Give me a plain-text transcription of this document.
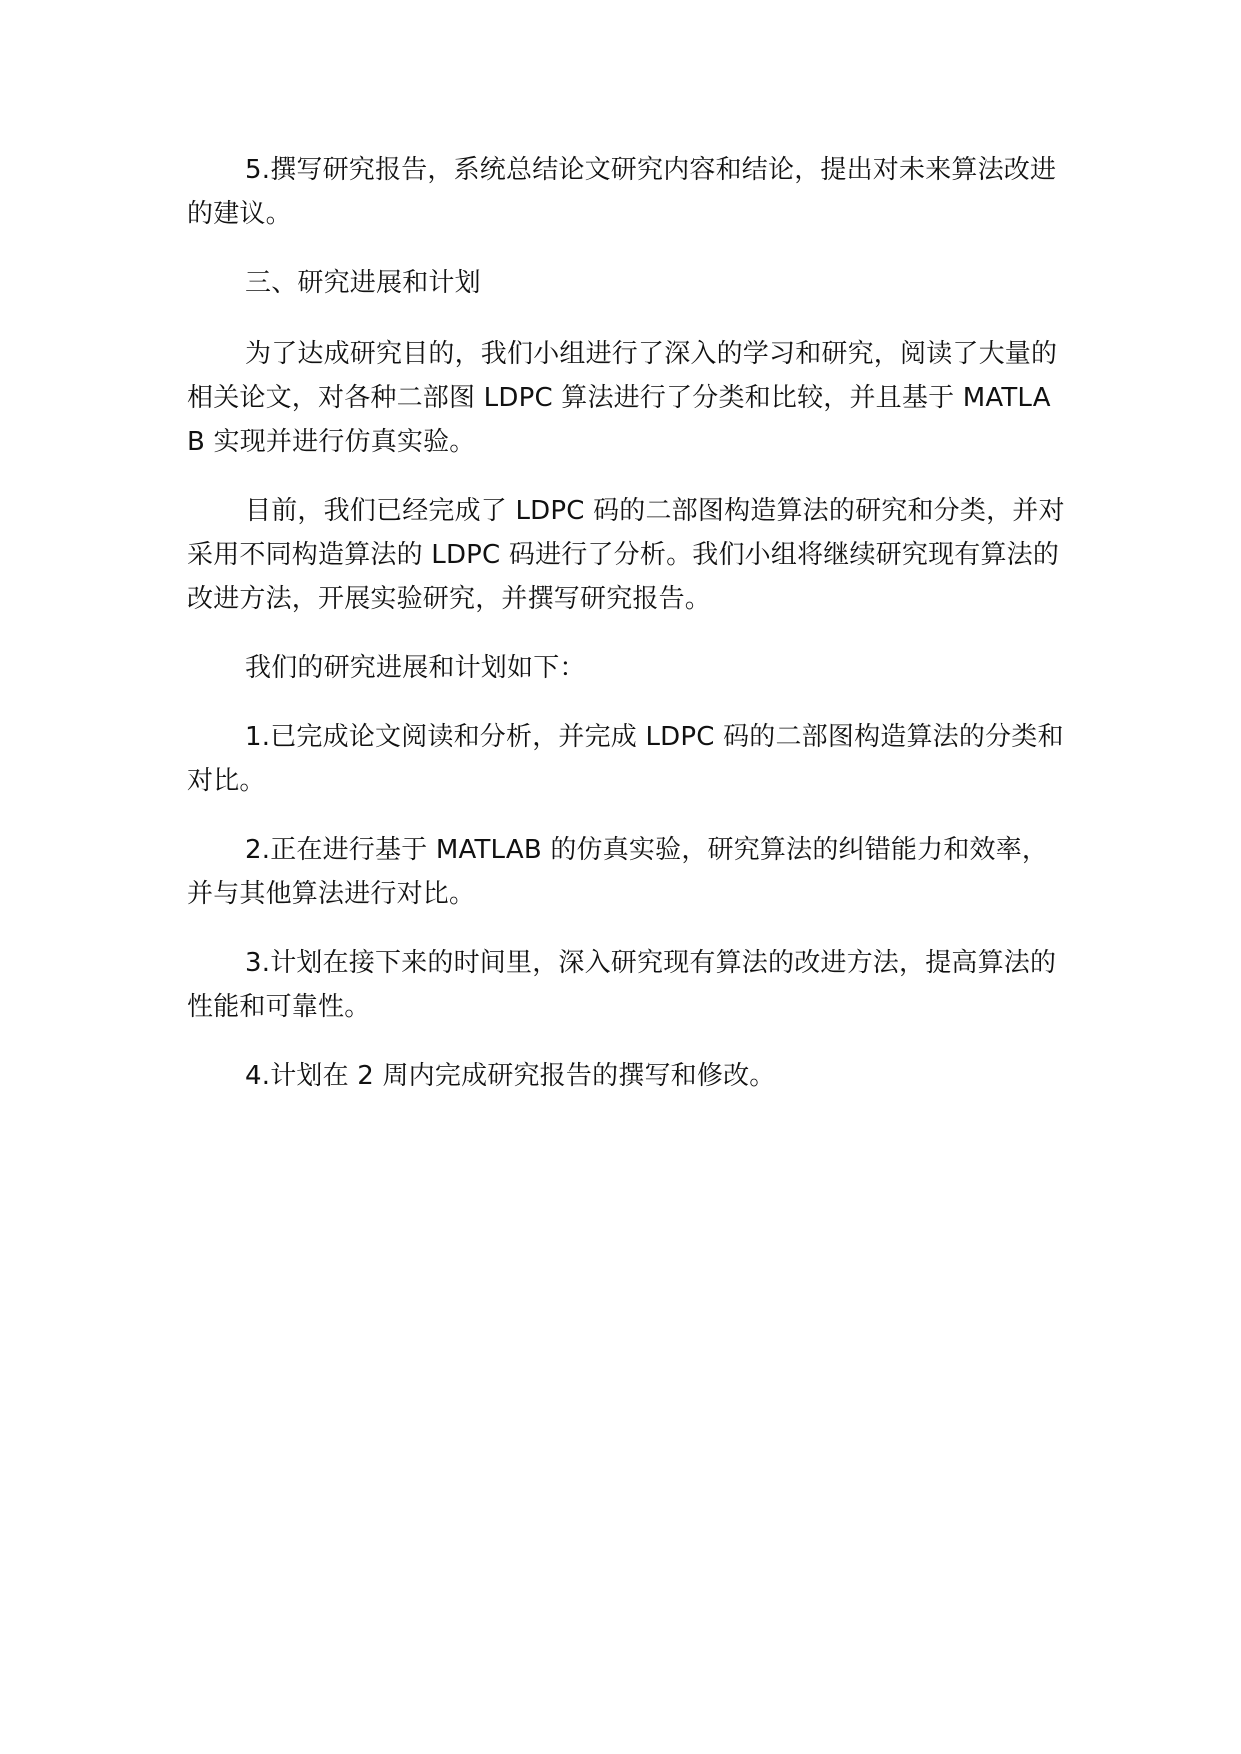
5.撰写研究报告，系统总结论文研究内容和结论，提出对未来算法改进的建议。

三、研究进展和计划

为了达成研究目的，我们小组进行了深入的学习和研究，阅读了大量的相关论文，对各种二部图 LDPC 算法进行了分类和比较，并且基于 MATLAB 实现并进行仿真实验。

目前，我们已经完成了 LDPC 码的二部图构造算法的研究和分类，并对采用不同构造算法的 LDPC 码进行了分析。我们小组将继续研究现有算法的改进方法，开展实验研究，并撰写研究报告。

我们的研究进展和计划如下：

1.已完成论文阅读和分析，并完成 LDPC 码的二部图构造算法的分类和对比。

2.正在进行基于 MATLAB 的仿真实验，研究算法的纠错能力和效率，并与其他算法进行对比。

3.计划在接下来的时间里，深入研究现有算法的改进方法，提高算法的性能和可靠性。

4.计划在 2 周内完成研究报告的撰写和修改。
